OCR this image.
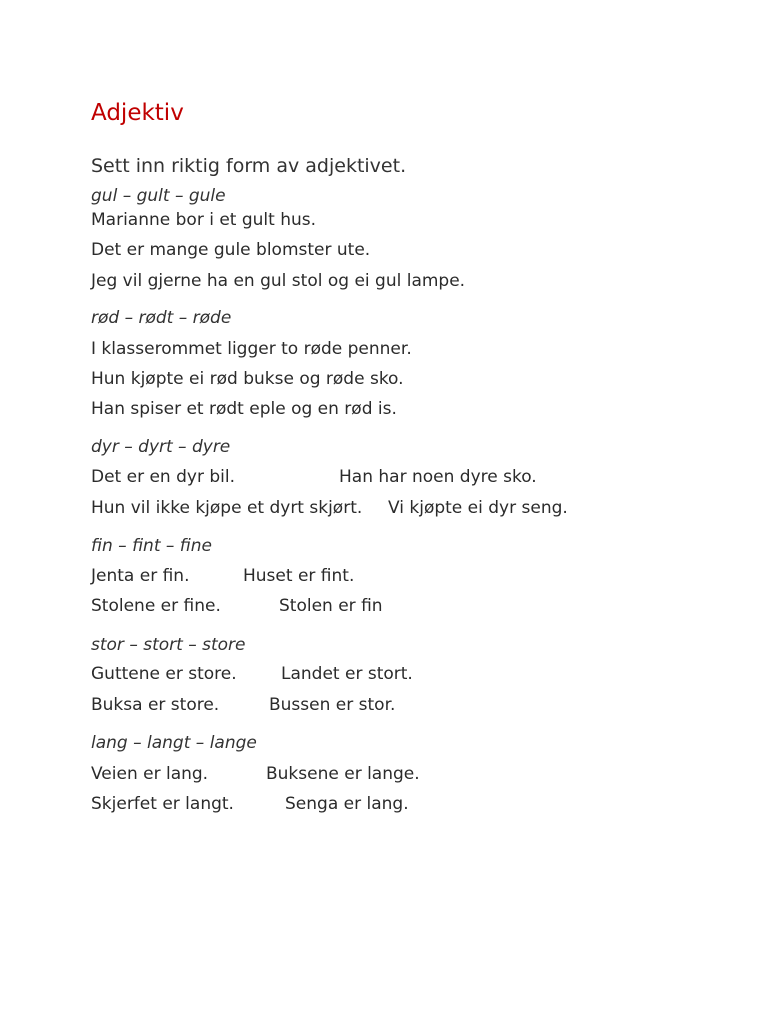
Adjektiv
Sett inn riktig form av adjektivet.
gul – gult – gule
Marianne bor i et gult hus.
Det er mange gule blomster ute.
Jeg vil gjerne ha en gul stol og ei gul lampe.
rød – rødt – røde
I klasserommet ligger to røde penner.
Hun kjøpte ei rød bukse og røde sko.
Han spiser et rødt eple og en rød is.
dyr – dyrt – dyre
Det er en dyr bil.	Han har noen dyre sko.
Hun vil ikke kjøpe et dyrt skjørt. Vi kjøpte ei dyr seng.
fin – fint – fine
Jenta er fin.	Huset er fint.
Stolene er fine.	Stolen er fin
stor – stort – store
Guttene er store.	Landet er stort.
Buksa er store.	Bussen er stor.
lang – langt – lange
Veien er lang.	Buksene er lange.
Skjerfet er langt.	Senga er lang.
